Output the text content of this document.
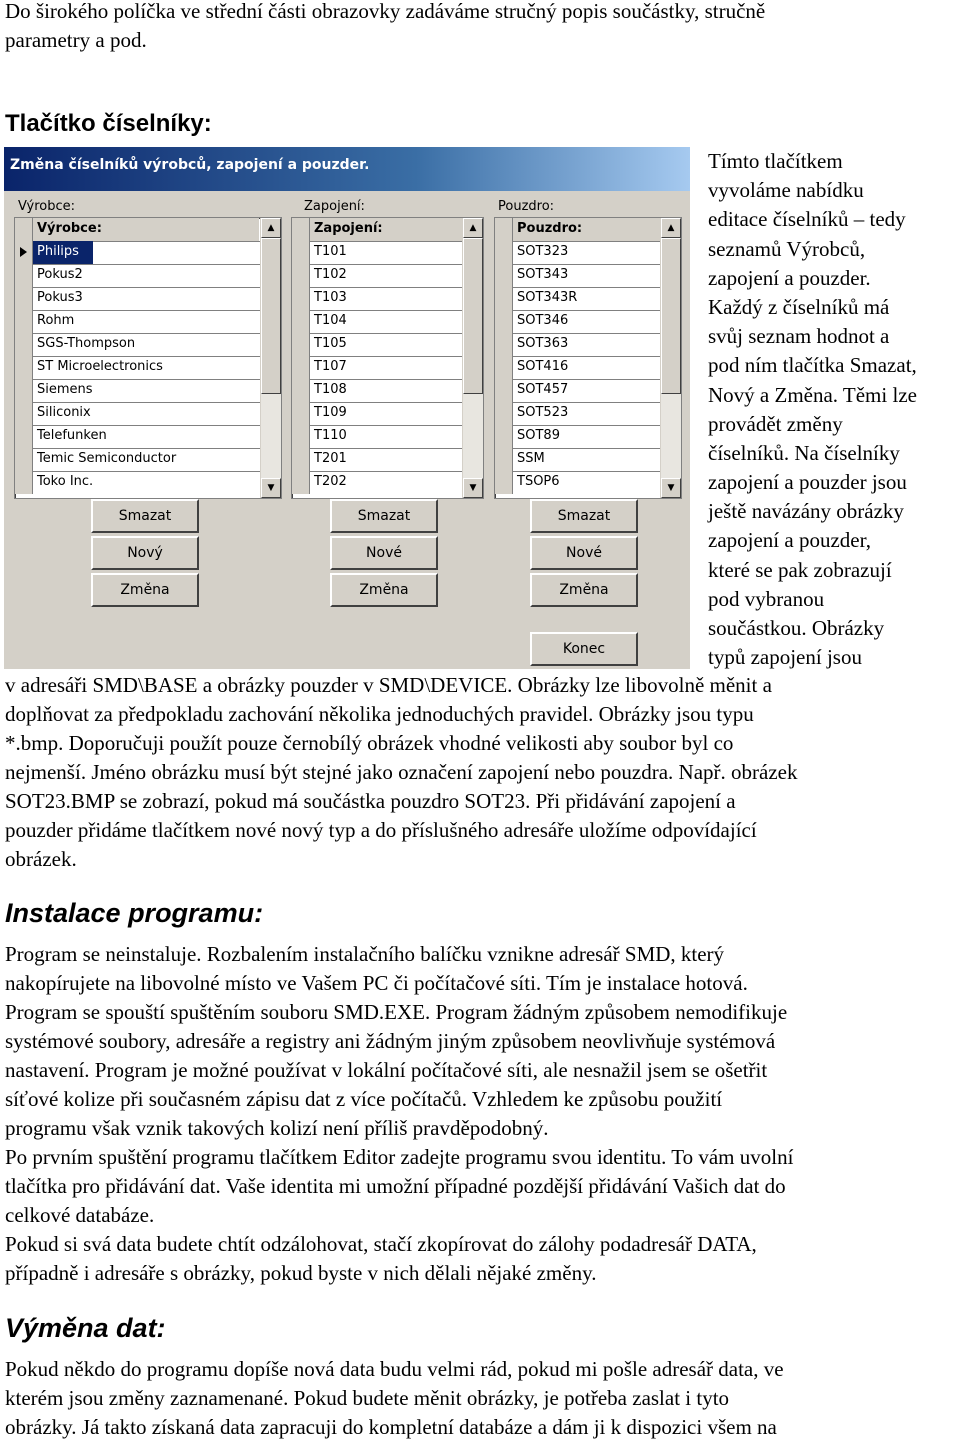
Do širokého políčka ve střední části obrazovky zadáváme stručný popis součástky, stručně
parametry a pod.
Tlačítko číselníky:
Změna číselníků výrobců, zapojení a pouzder.
Výrobce:
Výrobce:
Philips
Pokus2
Pokus3
Rohm
SGS-Thompson
ST Microelectronics
Siemens
Siliconix
Telefunken
Temic Semiconductor
Toko Inc.
▲
▼
Smazat
Nový
Změna
Zapojení:
Zapojení:
T101
T102
T103
T104
T105
T107
T108
T109
T110
T201
T202
▲
▼
Smazat
Nové
Změna
Pouzdro:
Pouzdro:
SOT323
SOT343
SOT343R
SOT346
SOT363
SOT416
SOT457
SOT523
SOT89
SSM
TSOP6
▲
▼
Smazat
Nové
Změna
Konec
Tímto tlačítkem
vyvoláme nabídku
editace číselníků – tedy
seznamů Výrobců,
zapojení a pouzder.
Každý z číselníků má
svůj seznam hodnot a
pod ním tlačítka Smazat,
Nový a Změna. Těmi lze
provádět změny
číselníků. Na číselníky
zapojení a pouzder jsou
ještě navázány obrázky
zapojení a pouzder,
které se pak zobrazují
pod vybranou
součástkou. Obrázky
typů zapojení jsou
v adresáři SMD\BASE a obrázky pouzder v SMD\DEVICE. Obrázky lze libovolně měnit a
doplňovat za předpokladu zachování několika jednoduchých pravidel. Obrázky jsou typu
*.bmp. Doporučuji použít pouze černobílý obrázek vhodné velikosti aby soubor byl co
nejmenší. Jméno obrázku musí být stejné jako označení zapojení nebo pouzdra. Např. obrázek
SOT23.BMP se zobrazí, pokud má součástka pouzdro SOT23. Při přidávání zapojení a
pouzder přidáme tlačítkem nové nový typ a do příslušného adresáře uložíme odpovídající
obrázek.
Instalace programu:
Program se neinstaluje. Rozbalením instalačního balíčku vznikne adresář SMD, který
nakopírujete na libovolné místo ve Vašem PC či počítačové síti. Tím je instalace hotová.
Program se spouští spuštěním souboru SMD.EXE. Program žádným způsobem nemodifikuje
systémové soubory, adresáře a registry ani žádným jiným způsobem neovlivňuje systémová
nastavení. Program je možné používat v lokální počítačové síti, ale nesnažil jsem se ošetřit
síťové kolize při současném zápisu dat z více počítačů. Vzhledem ke způsobu použití
programu však vznik takových kolizí není příliš pravděpodobný.
Po prvním spuštění programu tlačítkem Editor zadejte programu svou identitu. To vám uvolní
tlačítka pro přidávání dat. Vaše identita mi umožní případné pozdější přidávání Vašich dat do
celkové databáze.
Pokud si svá data budete chtít odzálohovat, stačí zkopírovat do zálohy podadresář DATA,
případně i adresáře s obrázky, pokud byste v nich dělali nějaké změny.
Výměna dat:
Pokud někdo do programu dopíše nová data budu velmi rád, pokud mi pošle adresář data, ve
kterém jsou změny zaznamenané. Pokud budete měnit obrázky, je potřeba zaslat i tyto
obrázky. Já takto získaná data zapracuji do kompletní databáze a dám ji k dispozici všem na
